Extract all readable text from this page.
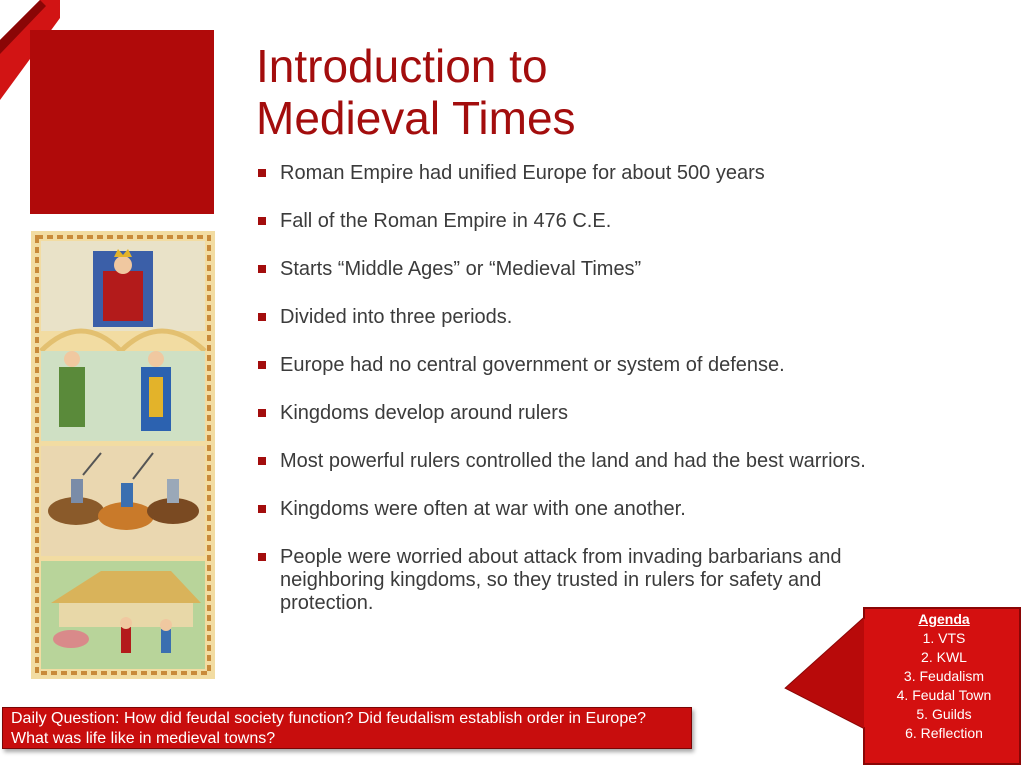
Introduction to
Medieval Times
Roman Empire had unified Europe for about 500 years
Fall of the Roman Empire in 476 C.E.
Starts “Middle Ages” or “Medieval Times”
Divided into three periods.
Europe had no central government or system of defense.
Kingdoms develop around rulers
Most powerful rulers controlled the land and had the best warriors.
Kingdoms were often at war with one another.
People were worried about attack from invading barbarians and neighboring kingdoms, so they trusted in rulers for safety and protection.
Daily Question: How did feudal society function? Did feudalism establish order in Europe? What was life like in medieval towns?
Agenda
1. VTS
2. KWL
3. Feudalism
4. Feudal Town
5. Guilds
6. Reflection
